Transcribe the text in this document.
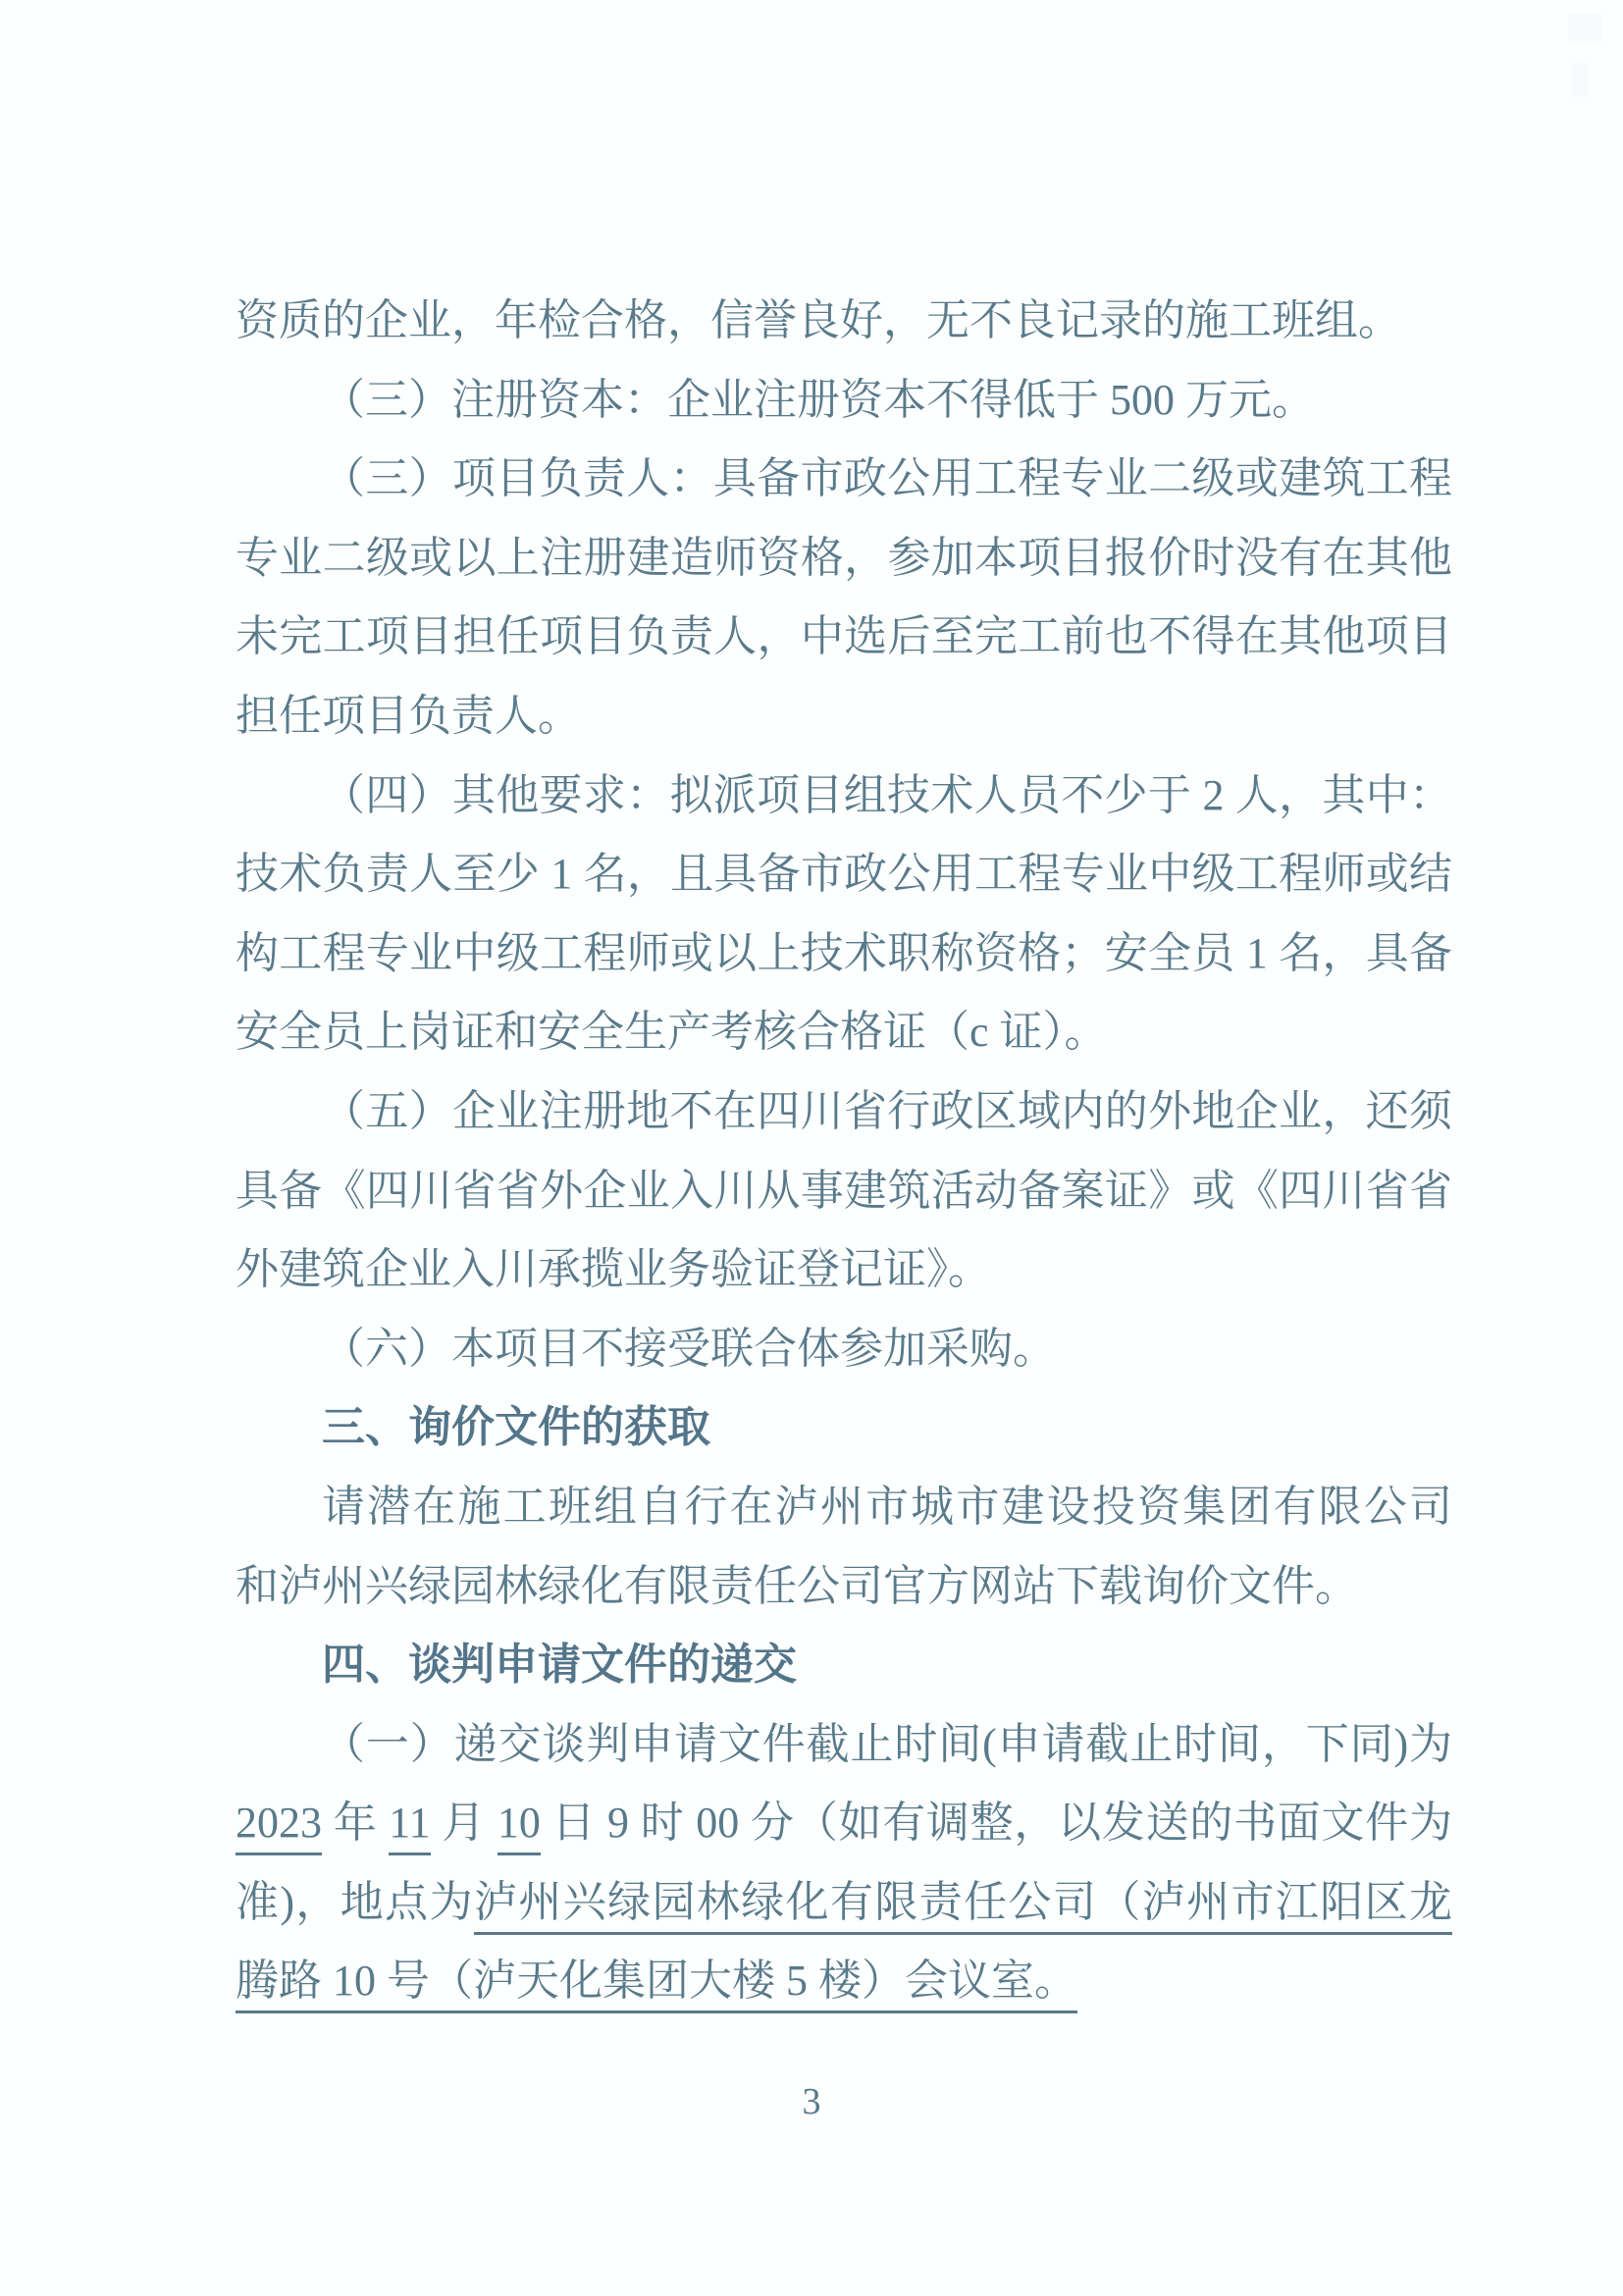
资质的企业，年检合格，信誉良好，无不良记录的施工班组。
（三）注册资本：企业注册资本不得低于 500 万元。
（三）项目负责人：具备市政公用工程专业二级或建筑工程
专业二级或以上注册建造师资格，参加本项目报价时没有在其他
未完工项目担任项目负责人，中选后至完工前也不得在其他项目
担任项目负责人。
（四）其他要求：拟派项目组技术人员不少于 2 人，其中：
技术负责人至少 1 名，且具备市政公用工程专业中级工程师或结
构工程专业中级工程师或以上技术职称资格；安全员 1 名，具备
安全员上岗证和安全生产考核合格证（c 证）。
（五）企业注册地不在四川省行政区域内的外地企业，还须
具备《四川省省外企业入川从事建筑活动备案证》或《四川省省
外建筑企业入川承揽业务验证登记证》。
（六）本项目不接受联合体参加采购。
三、询价文件的获取
请潜在施工班组自行在泸州市城市建设投资集团有限公司
和泸州兴绿园林绿化有限责任公司官方网站下载询价文件。
四、谈判申请文件的递交
（一）递交谈判申请文件截止时间(申请截止时间，下同)为
2023 年 11 月 10 日 9 时 00 分（如有调整，以发送的书面文件为
准)，地点为泸州兴绿园林绿化有限责任公司（泸州市江阳区龙
腾路 10 号（泸天化集团大楼 5 楼）会议室。
3
